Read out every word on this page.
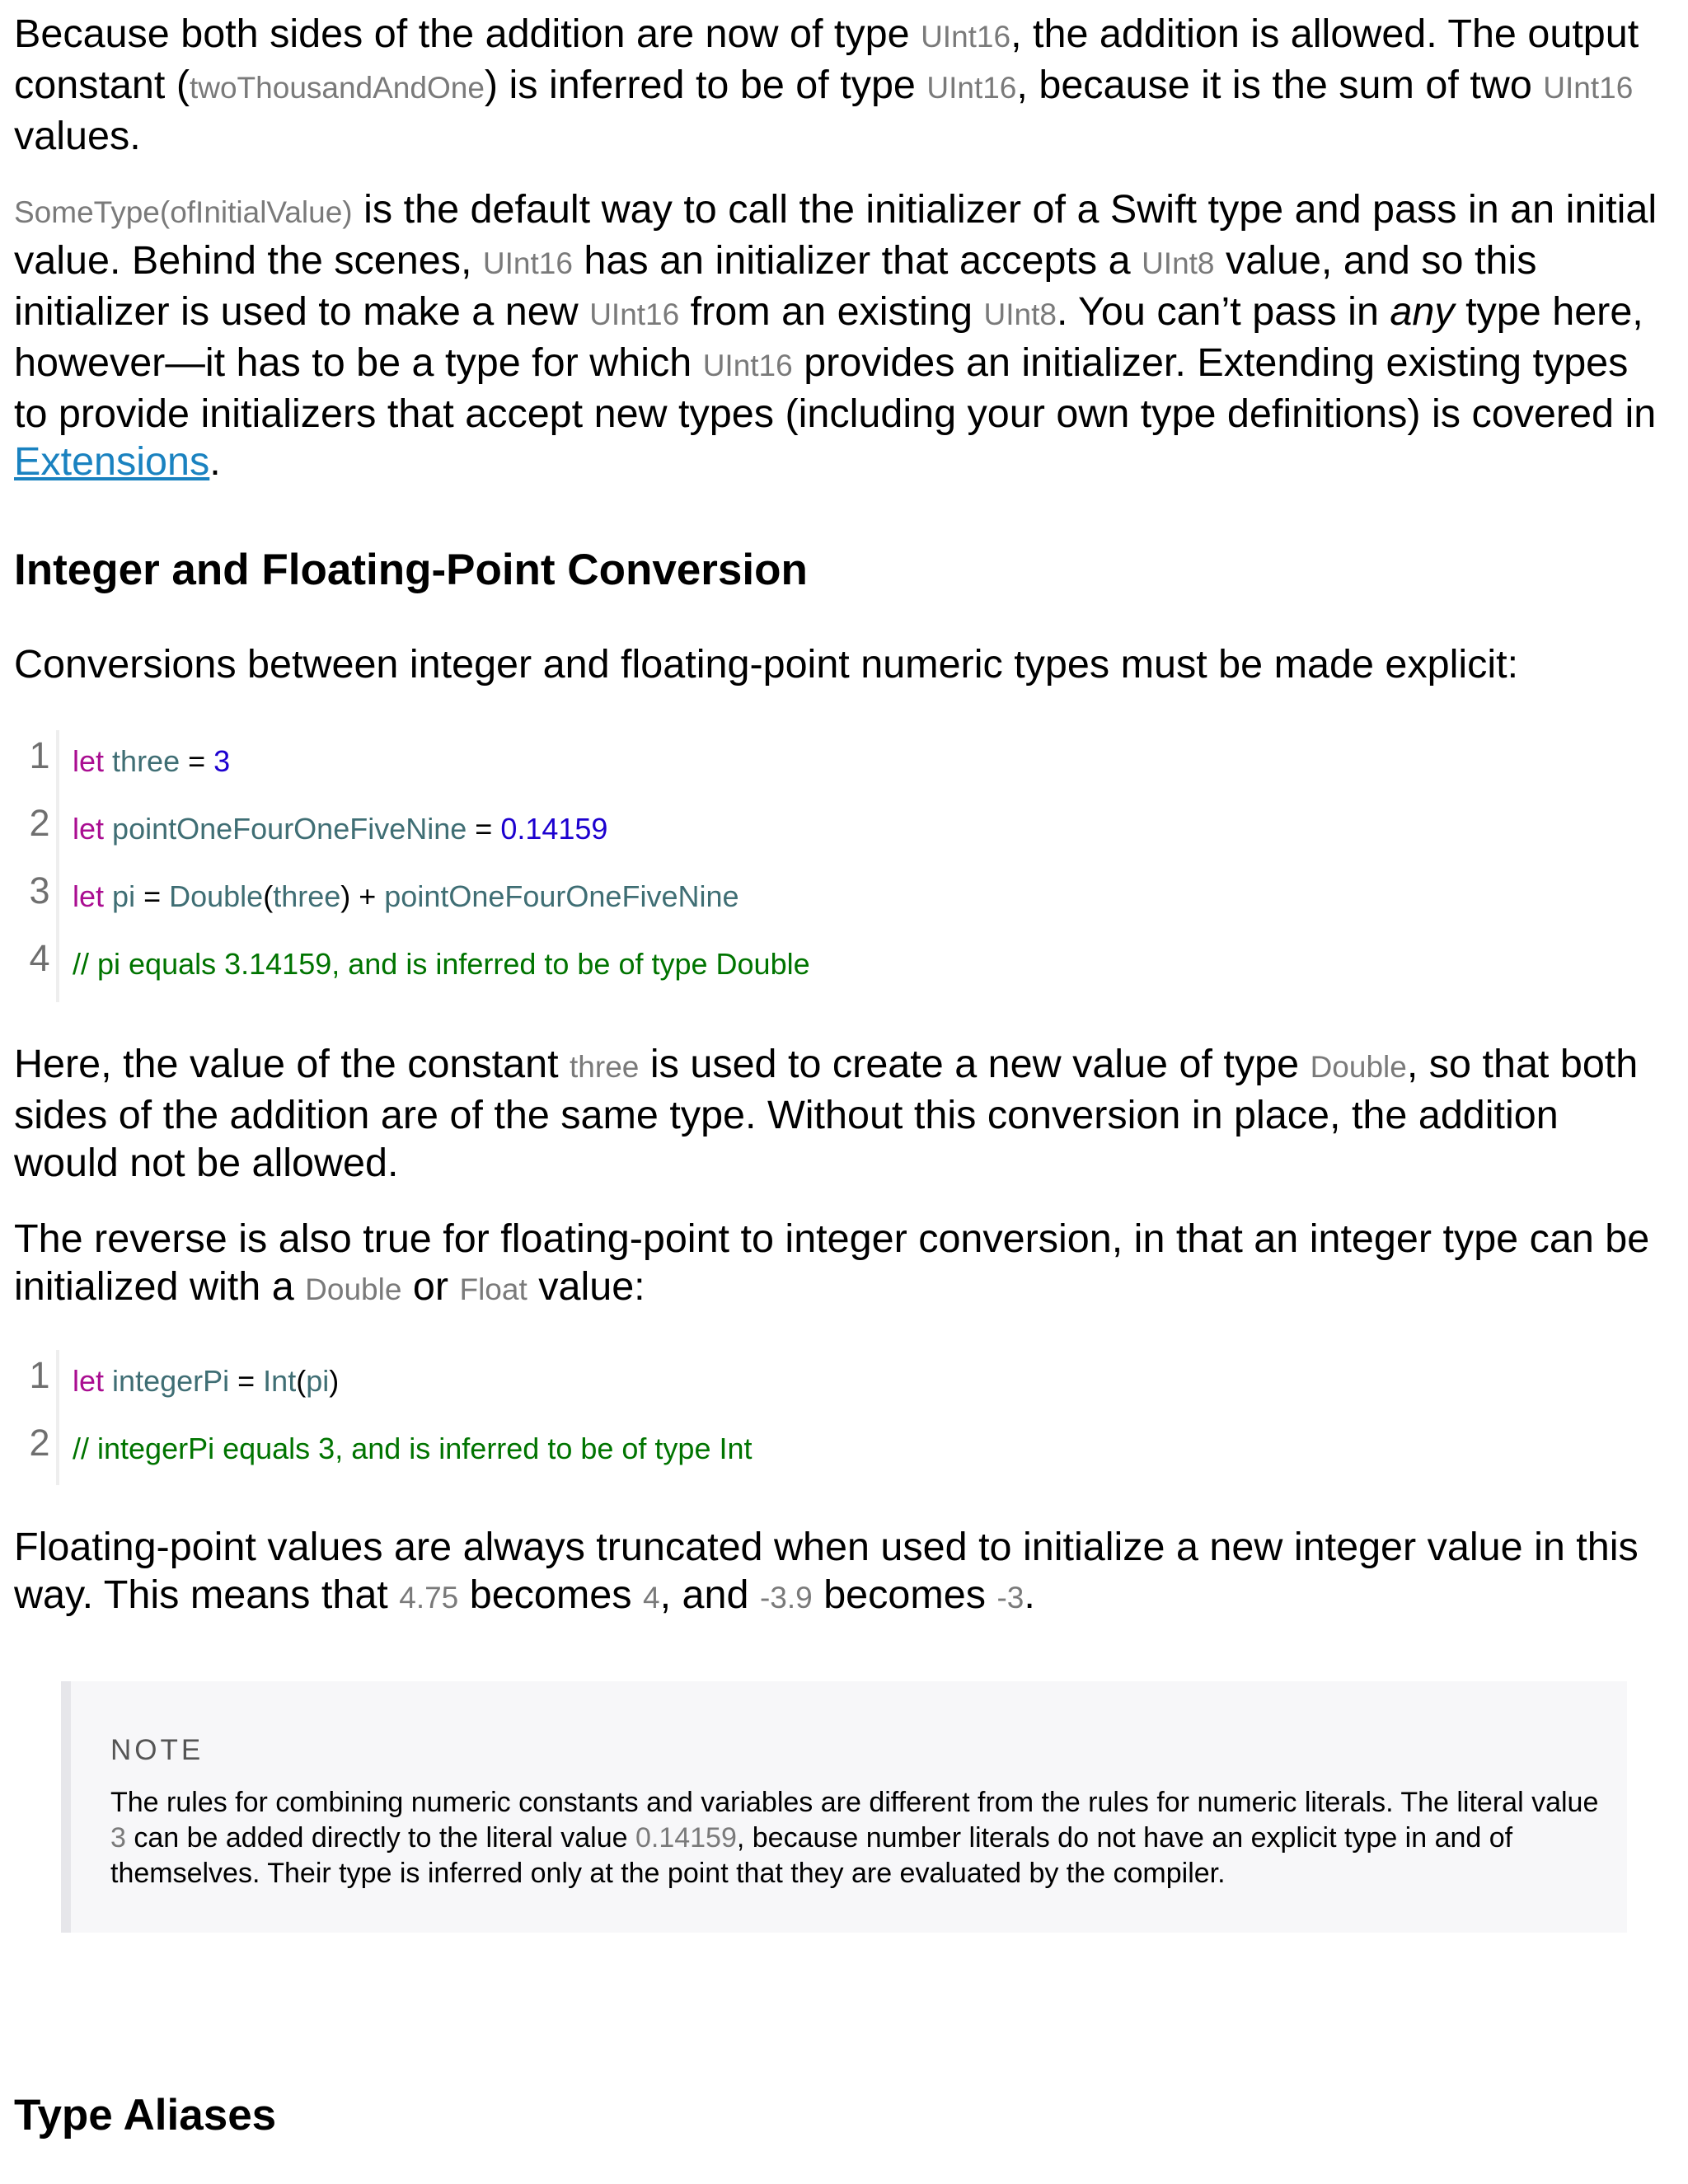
Because both sides of the addition are now of type UInt16, the addition is allowed. The output constant (twoThousandAndOne) is inferred to be of type UInt16, because it is the sum of two UInt16 values.

SomeType(ofInitialValue) is the default way to call the initializer of a Swift type and pass in an initial value. Behind the scenes, UInt16 has an initializer that accepts a UInt8 value, and so this initializer is used to make a new UInt16 from an existing UInt8. You can’t pass in any type here, however—it has to be a type for which UInt16 provides an initializer. Extending existing types to provide initializers that accept new types (including your own type definitions) is covered in Extensions.

Integer and Floating-Point Conversion

Conversions between integer and floating-point numeric types must be made explicit:

1 let three = 3
2 let pointOneFourOneFiveNine = 0.14159
3 let pi = Double(three) + pointOneFourOneFiveNine
4 // pi equals 3.14159, and is inferred to be of type Double

Here, the value of the constant three is used to create a new value of type Double, so that both sides of the addition are of the same type. Without this conversion in place, the addition would not be allowed.

The reverse is also true for floating-point to integer conversion, in that an integer type can be initialized with a Double or Float value:

1 let integerPi = Int(pi)
2 // integerPi equals 3, and is inferred to be of type Int

Floating-point values are always truncated when used to initialize a new integer value in this way. This means that 4.75 becomes 4, and -3.9 becomes -3.

NOTE
The rules for combining numeric constants and variables are different from the rules for numeric literals. The literal value 3 can be added directly to the literal value 0.14159, because number literals do not have an explicit type in and of themselves. Their type is inferred only at the point that they are evaluated by the compiler.
Type Aliases
